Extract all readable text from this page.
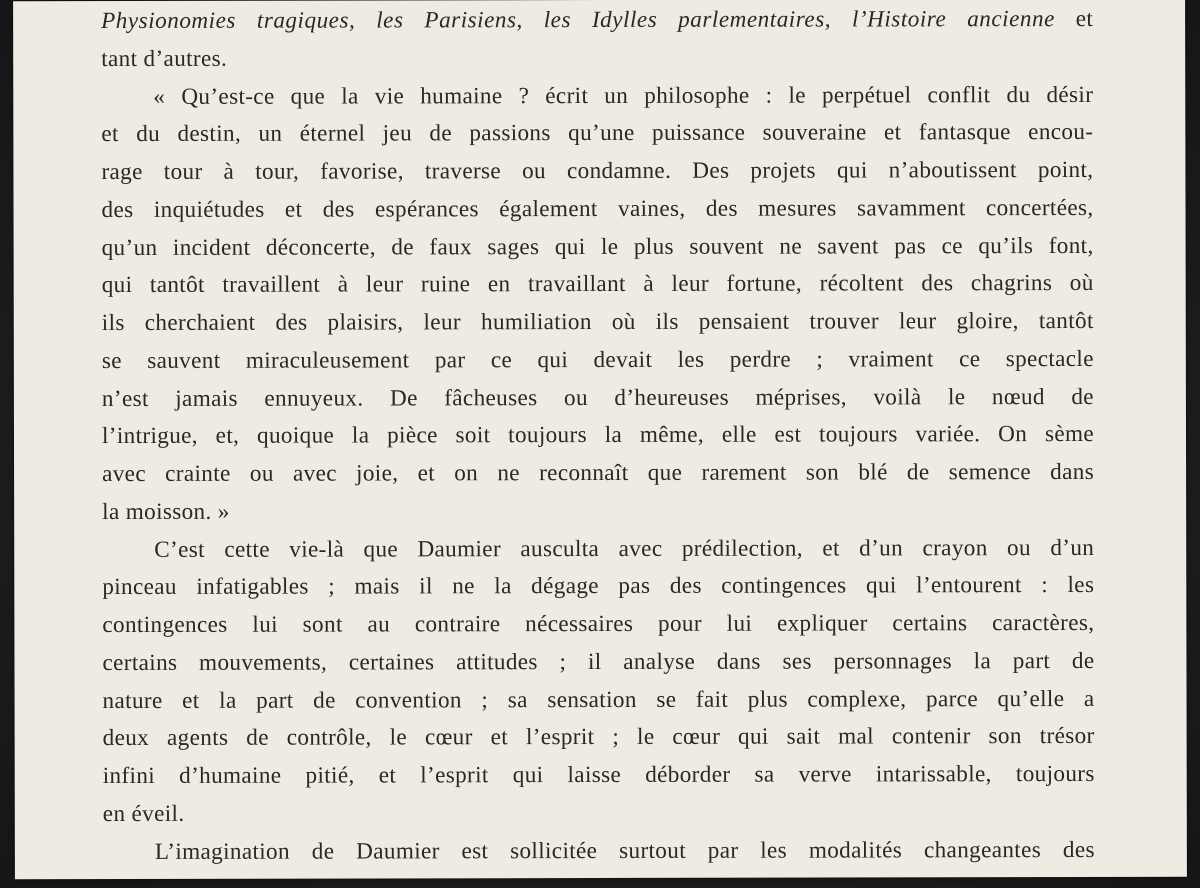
Physionomies tragiques, les Parisiens, les Idylles parlementaires, l’Histoire ancienne et
tant d’autres.
« Qu’est-ce que la vie humaine ? écrit un philosophe : le perpétuel conflit du désir
et du destin, un éternel jeu de passions qu’une puissance souveraine et fantasque encou-
rage tour à tour, favorise, traverse ou condamne. Des projets qui n’aboutissent point,
des inquiétudes et des espérances également vaines, des mesures savamment concertées,
qu’un incident déconcerte, de faux sages qui le plus souvent ne savent pas ce qu’ils font,
qui tantôt travaillent à leur ruine en travaillant à leur fortune, récoltent des chagrins où
ils cherchaient des plaisirs, leur humiliation où ils pensaient trouver leur gloire, tantôt
se sauvent miraculeusement par ce qui devait les perdre ; vraiment ce spectacle
n’est jamais ennuyeux. De fâcheuses ou d’heureuses méprises, voilà le nœud de
l’intrigue, et, quoique la pièce soit toujours la même, elle est toujours variée. On sème
avec crainte ou avec joie, et on ne reconnaît que rarement son blé de semence dans
la moisson. »
C’est cette vie-là que Daumier ausculta avec prédilection, et d’un crayon ou d’un
pinceau infatigables ; mais il ne la dégage pas des contingences qui l’entourent : les
contingences lui sont au contraire nécessaires pour lui expliquer certains caractères,
certains mouvements, certaines attitudes ; il analyse dans ses personnages la part de
nature et la part de convention ; sa sensation se fait plus complexe, parce qu’elle a
deux agents de contrôle, le cœur et l’esprit ; le cœur qui sait mal contenir son trésor
infini d’humaine pitié, et l’esprit qui laisse déborder sa verve intarissable, toujours
en éveil.
L’imagination de Daumier est sollicitée surtout par les modalités changeantes des
